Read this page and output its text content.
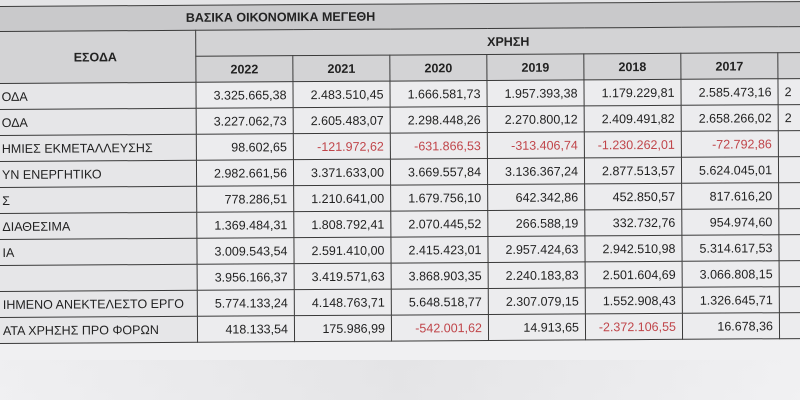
ΒΑΣΙΚΑ ΟΙΚΟΝΟΜΙΚΑ ΜΕΓΕΘΗ							
ΕΣΟΔΑ	ΧΡΗΣΗ						
	2022	2021	2020	2019	2018	2017	
ΟΔΑ	3.325.665,38	2.483.510,45	1.666.581,73	1.957.393,38	1.179.229,81	2.585.473,16	2
ΟΔΑ	3.227.062,73	2.605.483,07	2.298.448,26	2.270.800,12	2.409.491,82	2.658.266,02	2
ΗΜΙΕΣ ΕΚΜΕΤΑΛΛΕΥΣΗΣ	98.602,65	-121.972,62	-631.866,53	-313.406,74	-1.230.262,01	-72.792,86	
ΥΝ ΕΝΕΡΓΗΤΙΚΟ	2.982.661,56	3.371.633,00	3.669.557,84	3.136.367,24	2.877.513,57	5.624.045,01	
Σ	778.286,51	1.210.641,00	1.679.756,10	642.342,86	452.850,57	817.616,20	
ΔΙΑΘΕΣΙΜΑ	1.369.484,31	1.808.792,41	2.070.445,52	266.588,19	332.732,76	954.974,60	
ΙΑ	3.009.543,54	2.591.410,00	2.415.423,01	2.957.424,63	2.942.510,98	5.314.617,53	
	3.956.166,37	3.419.571,63	3.868.903,35	2.240.183,83	2.501.604,69	3.066.808,15	
ΙΗΜΕΝΟ ΑΝΕΚΤΕΛΕΣΤΟ ΕΡΓΟ	5.774.133,24	4.148.763,71	5.648.518,77	2.307.079,15	1.552.908,43	1.326.645,71	
ΑΤΑ ΧΡΗΣΗΣ ΠΡΟ ΦΟΡΩΝ	418.133,54	175.986,99	-542.001,62	14.913,65	-2.372.106,55	16.678,36	
